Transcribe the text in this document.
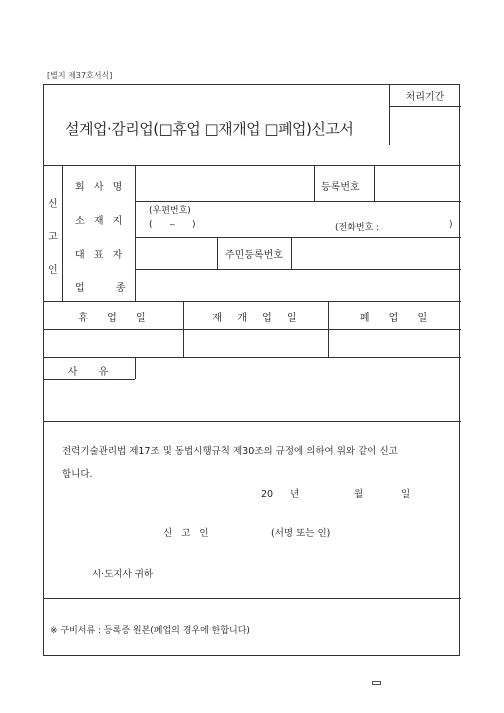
[별지 제37호서식]
설계업·감리업(□휴업 □재개업 □폐업)신고서
처리기간
신
고
인
회 사 명	등록번호
소 재 지
(우편번호)
( ‒ )	(전화번호 :	)
대 표 자	주민등록번호
업 종
휴 업 일	재 개 업 일	폐 업 일
사 유
전력기술관리법 제17조 및 동법시행규칙 제30조의 규정에 의하여 위와 같이 신고
합니다.
20 년	월	일
신 고 인	(서명 또는 인)
시·도지사 귀하
※ 구비서류 : 등록증 원본(폐업의 경우에 한합니다)
